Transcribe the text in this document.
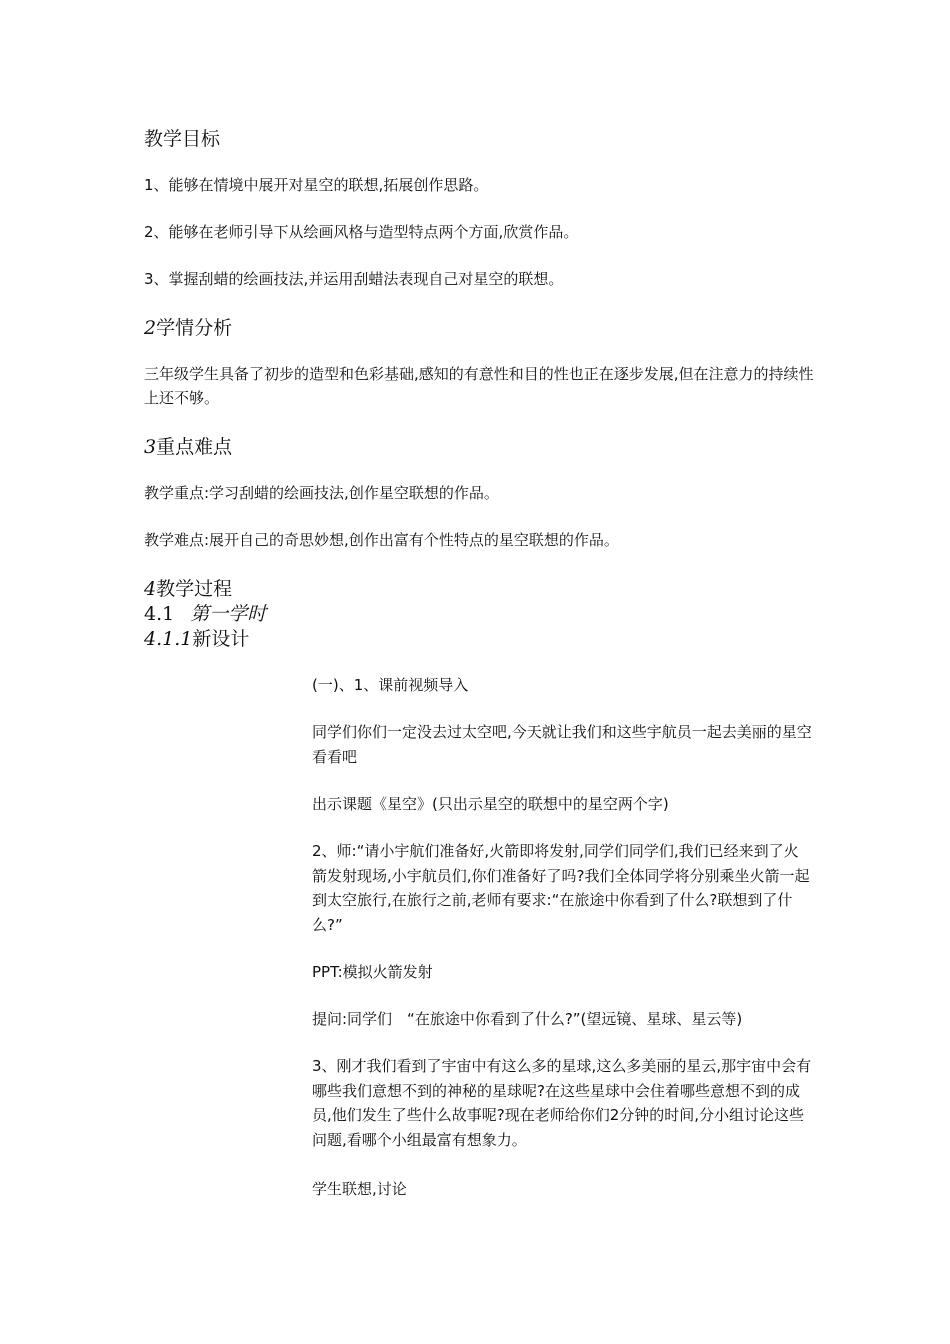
教学目标
1、能够在情境中展开对星空的联想,拓展创作思路。
2、能够在老师引导下从绘画风格与造型特点两个方面,欣赏作品。
3、掌握刮蜡的绘画技法,并运用刮蜡法表现自己对星空的联想。
2学情分析
三年级学生具备了初步的造型和色彩基础,感知的有意性和目的性也正在逐步发展,但在注意力的持续性上还不够。
3重点难点
教学重点:学习刮蜡的绘画技法,创作星空联想的作品。
教学难点:展开自己的奇思妙想,创作出富有个性特点的星空联想的作品。
4教学过程
4.1 第一学时
4.1.1新设计
(一)、1、课前视频导入
同学们你们一定没去过太空吧,今天就让我们和这些宇航员一起去美丽的星空看看吧
出示课题《星空》(只出示星空的联想中的星空两个字)
2、师:“请小宇航们准备好,火箭即将发射,同学们同学们,我们已经来到了火箭发射现场,小宇航员们,你们准备好了吗?我们全体同学将分别乘坐火箭一起到太空旅行,在旅行之前,老师有要求:“在旅途中你看到了什么?联想到了什么?”
PPT:模拟火箭发射
提问:同学们　“在旅途中你看到了什么?”(望远镜、星球、星云等)
3、刚才我们看到了宇宙中有这么多的星球,这么多美丽的星云,那宇宙中会有哪些我们意想不到的神秘的星球呢?在这些星球中会住着哪些意想不到的成员,他们发生了些什么故事呢?现在老师给你们2分钟的时间,分小组讨论这些问题,看哪个小组最富有想象力。
学生联想,讨论
